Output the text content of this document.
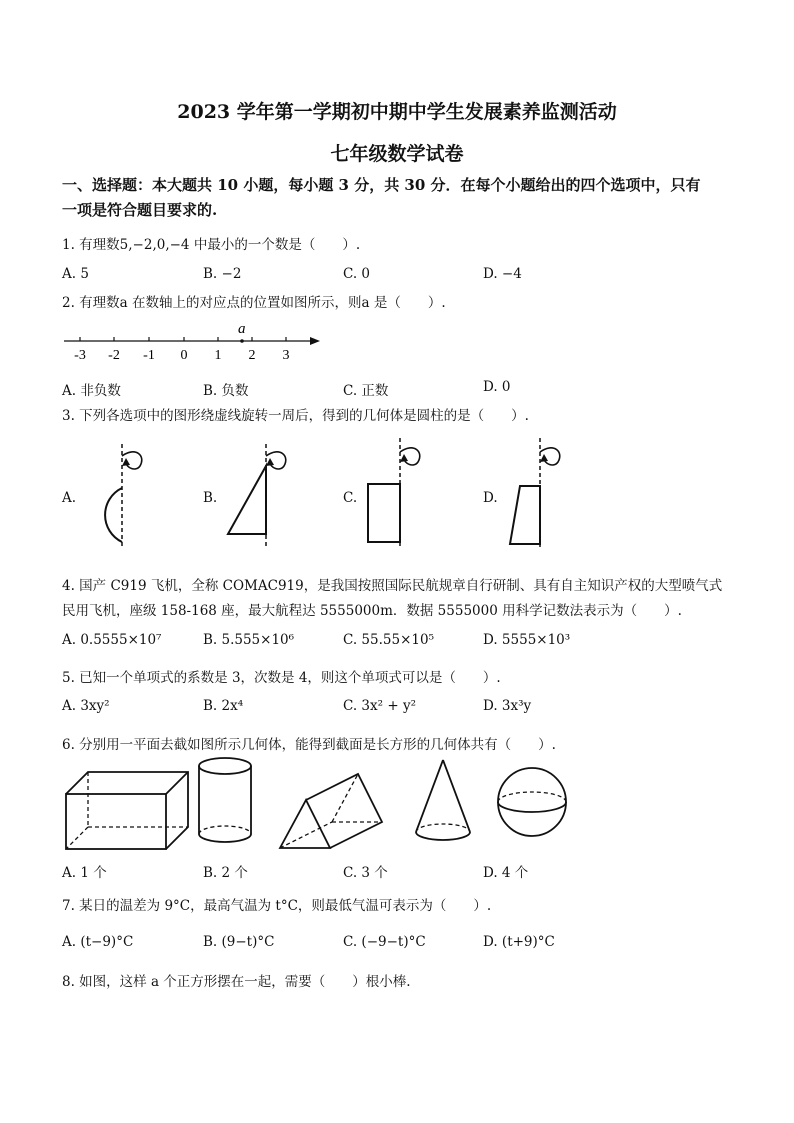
2023 学年第一学期初中期中学生发展素养监测活动
七年级数学试卷
一、选择题：本大题共 10 小题，每小题 3 分，共 30 分．在每个小题给出的四个选项中，只有
一项是符合题目要求的.
1. 有理数5,−2,0,−4 中最小的一个数是（　　）.
A. 5	B. −2	C. 0	D. −4
2. 有理数a 在数轴上的对应点的位置如图所示，则a 是（　　）.
a
-3 -2 -1 0 1 2 3
A. 非负数	B. 负数	C. 正数	D. 0
3. 下列各选项中的图形绕虚线旋转一周后，得到的几何体是圆柱的是（　　）.
A.	B.	C.	D.
4. 国产 C919 飞机，全称 COMAC919，是我国按照国际民航规章自行研制、具有自主知识产权的大型喷气式
民用飞机，座级 158-168 座，最大航程达 5555000m．数据 5555000 用科学记数法表示为（　　）.
A. 0.5555×10⁷	B. 5.555×10⁶	C. 55.55×10⁵	D. 5555×10³
5. 已知一个单项式的系数是 3，次数是 4，则这个单项式可以是（　　）.
A. 3xy²	B. 2x⁴	C. 3x² + y²	D. 3x³y
6. 分别用一平面去截如图所示几何体，能得到截面是长方形的几何体共有（　　）.
A. 1 个	B. 2 个	C. 3 个	D. 4 个
7. 某日的温差为 9°C，最高气温为 t°C，则最低气温可表示为（　　）.
A. (t−9)°C	B. (9−t)°C	C. (−9−t)°C	D. (t+9)°C
8. 如图，这样 a 个正方形摆在一起，需要（　　）根小棒.
